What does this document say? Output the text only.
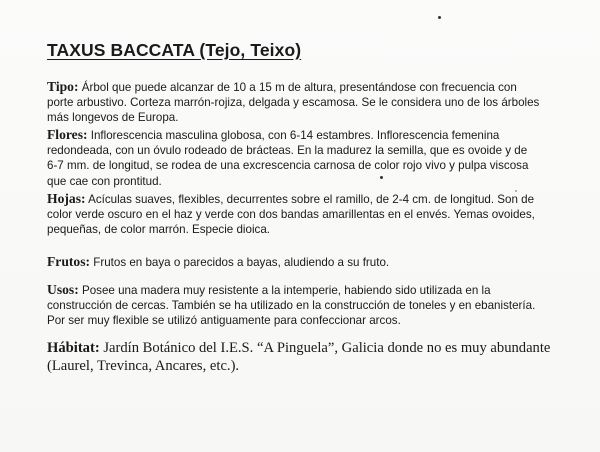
TAXUS BACCATA (Tejo, Teixo)
Tipo: Árbol que puede alcanzar de 10 a 15 m de altura, presentándose con frecuencia con
porte arbustivo. Corteza marrón-rojiza, delgada y escamosa. Se le considera uno de los árboles
más longevos de Europa.
Flores: Inflorescencia masculina globosa, con 6-14 estambres. Inflorescencia femenina
redondeada, con un óvulo rodeado de brácteas. En la madurez la semilla, que es ovoide y de
6-7 mm. de longitud, se rodea de una excrescencia carnosa de color rojo vivo y pulpa viscosa
que cae con prontitud.
Hojas: Acículas suaves, flexibles, decurrentes sobre el ramillo, de 2-4 cm. de longitud. Son de
color verde oscuro en el haz y verde con dos bandas amarillentas en el envés. Yemas ovoides,
pequeñas, de color marrón. Especie dioica.
Frutos: Frutos en baya o parecidos a bayas, aludiendo a su fruto.
Usos: Posee una madera muy resistente a la intemperie, habiendo sido utilizada en la
construcción de cercas. También se ha utilizado en la construcción de toneles y en ebanistería.
Por ser muy flexible se utilizó antiguamente para confeccionar arcos.
Hábitat: Jardín Botánico del I.E.S. “A Pinguela”, Galicia donde no es muy abundante
(Laurel, Trevinca, Ancares, etc.).
